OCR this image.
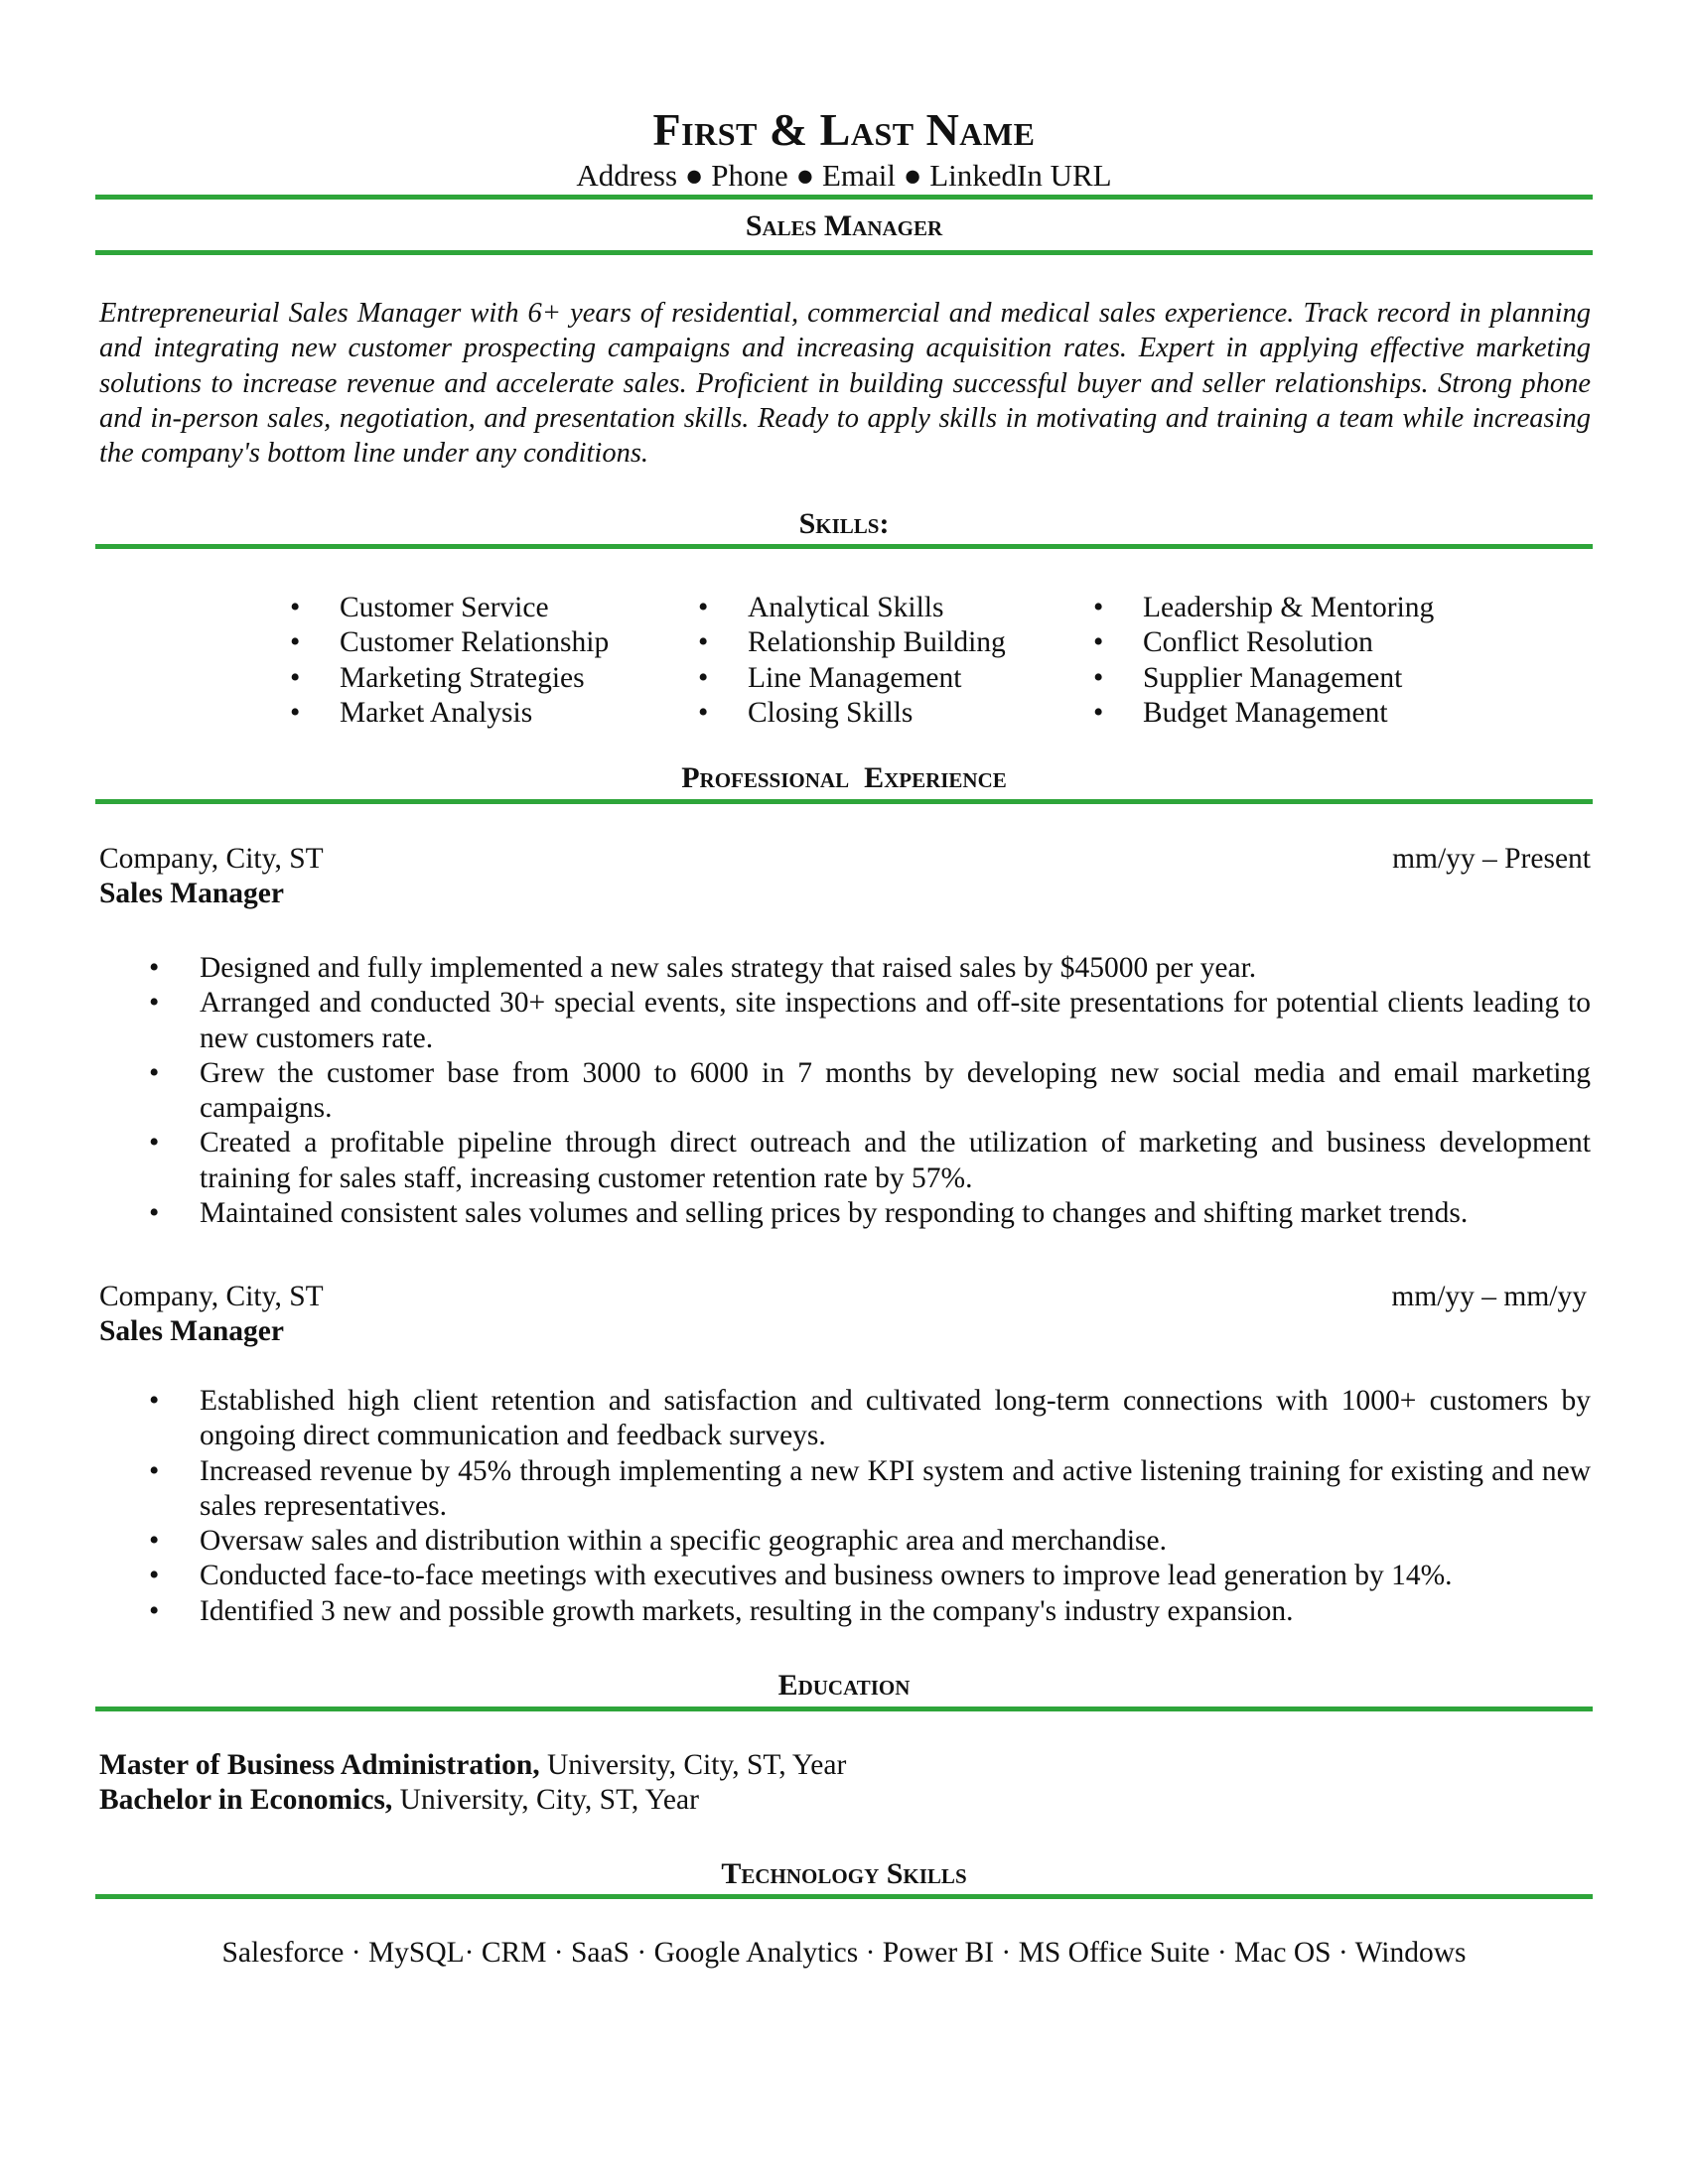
First & Last Name
Address ● Phone ● Email ● LinkedIn URL
Sales Manager

Entrepreneurial Sales Manager with 6+ years of residential, commercial and medical sales experience. Track record in planning and integrating new customer prospecting campaigns and increasing acquisition rates. Expert in applying effective marketing solutions to increase revenue and accelerate sales. Proficient in building successful buyer and seller relationships. Strong phone and in-person sales, negotiation, and presentation skills. Ready to apply skills in motivating and training a team while increasing the company's bottom line under any conditions.

Skills:
• Customer Service
• Customer Relationship
• Marketing Strategies
• Market Analysis
• Analytical Skills
• Relationship Building
• Line Management
• Closing Skills
• Leadership & Mentoring
• Conflict Resolution
• Supplier Management
• Budget Management
Professional  Experience
Company, City, ST	mm/yy – Present
Sales Manager
• Designed and fully implemented a new sales strategy that raised sales by $45000 per year.
• Arranged and conducted 30+ special events, site inspections and off-site presentations for potential clients leading to new customers rate.
• Grew the customer base from 3000 to 6000 in 7 months by developing new social media and email marketing campaigns.
• Created a profitable pipeline through direct outreach and the utilization of marketing and business development training for sales staff, increasing customer retention rate by 57%.
• Maintained consistent sales volumes and selling prices by responding to changes and shifting market trends.
Company, City, ST	mm/yy – mm/yy
Sales Manager
• Established high client retention and satisfaction and cultivated long-term connections with 1000+ customers by ongoing direct communication and feedback surveys.
• Increased revenue by 45% through implementing a new KPI system and active listening training for existing and new sales representatives.
• Oversaw sales and distribution within a specific geographic area and merchandise.
• Conducted face-to-face meetings with executives and business owners to improve lead generation by 14%.
• Identified 3 new and possible growth markets, resulting in the company's industry expansion.
Education
Master of Business Administration, University, City, ST, Year
Bachelor in Economics, University, City, ST, Year
Technology Skills
Salesforce · MySQL· CRM · SaaS · Google Analytics · Power BI · MS Office Suite · Mac OS · Windows
